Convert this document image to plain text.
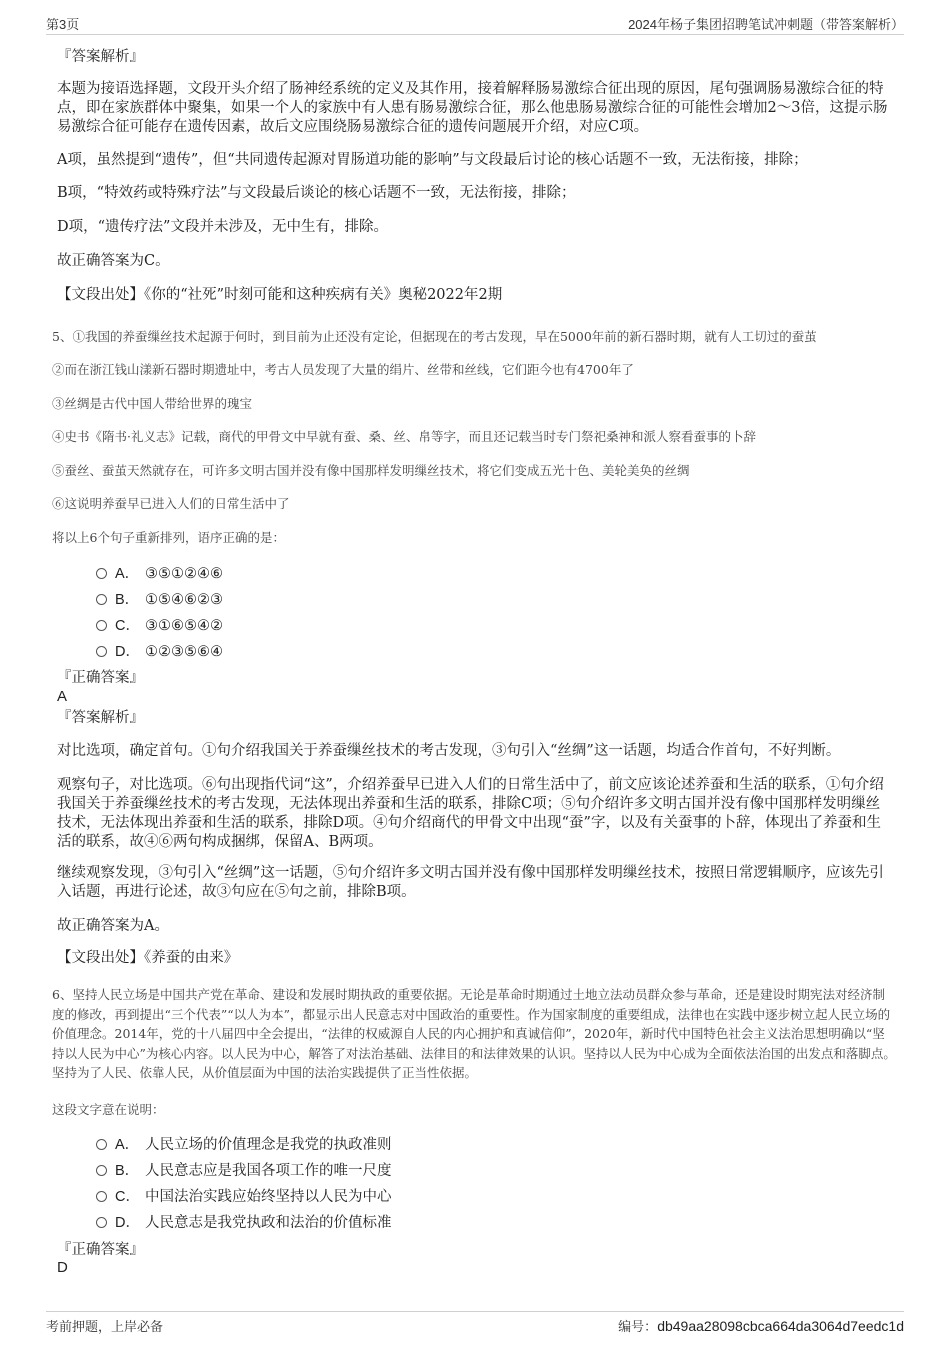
第3页	2024年杨子集团招聘笔试冲刺题（带答案解析）

『答案解析』

本题为接语选择题，文段开头介绍了肠神经系统的定义及其作用，接着解释肠易激综合征出现的原因，尾句强调肠易激综合征的特点，即在家族群体中聚集，如果一个人的家族中有人患有肠易激综合征，那么他患肠易激综合征的可能性会增加2～3倍，这提示肠易激综合征可能存在遗传因素，故后文应围绕肠易激综合征的遗传问题展开介绍，对应C项。

A项，虽然提到“遗传”，但“共同遗传起源对胃肠道功能的影响”与文段最后讨论的核心话题不一致，无法衔接，排除；

B项，“特效药或特殊疗法”与文段最后谈论的核心话题不一致，无法衔接，排除；

D项，“遗传疗法”文段并未涉及，无中生有，排除。

故正确答案为C。

【文段出处】《你的“社死”时刻可能和这种疾病有关》奥秘2022年2期

5、①我国的养蚕缫丝技术起源于何时，到目前为止还没有定论，但据现在的考古发现，早在5000年前的新石器时期，就有人工切过的蚕茧

②而在浙江钱山漾新石器时期遗址中，考古人员发现了大量的绢片、丝带和丝线，它们距今也有4700年了

③丝绸是古代中国人带给世界的瑰宝

④史书《隋书·礼义志》记载，商代的甲骨文中早就有蚕、桑、丝、帛等字，而且还记载当时专门祭祀桑神和派人察看蚕事的卜辞

⑤蚕丝、蚕茧天然就存在，可许多文明古国并没有像中国那样发明缫丝技术，将它们变成五光十色、美轮美奂的丝绸

⑥这说明养蚕早已进入人们的日常生活中了

将以上6个句子重新排列，语序正确的是：

A． ③⑤①②④⑥
B． ①⑤④⑥②③
C． ③①⑥⑤④②
D． ①②③⑤⑥④

『正确答案』

A

『答案解析』

对比选项，确定首句。①句介绍我国关于养蚕缫丝技术的考古发现，③句引入“丝绸”这一话题，均适合作首句，不好判断。

观察句子，对比选项。⑥句出现指代词“这”，介绍养蚕早已进入人们的日常生活中了，前文应该论述养蚕和生活的联系，①句介绍我国关于养蚕缫丝技术的考古发现，无法体现出养蚕和生活的联系，排除C项；⑤句介绍许多文明古国并没有像中国那样发明缫丝技术，无法体现出养蚕和生活的联系，排除D项。④句介绍商代的甲骨文中出现“蚕”字，以及有关蚕事的卜辞，体现出了养蚕和生活的联系，故④⑥两句构成捆绑，保留A、B两项。

继续观察发现，③句引入“丝绸”这一话题，⑤句介绍许多文明古国并没有像中国那样发明缫丝技术，按照日常逻辑顺序，应该先引入话题，再进行论述，故③句应在⑤句之前，排除B项。

故正确答案为A。

【文段出处】《养蚕的由来》

6、坚持人民立场是中国共产党在革命、建设和发展时期执政的重要依据。无论是革命时期通过土地立法动员群众参与革命，还是建设时期宪法对经济制度的修改，再到提出“三个代表”“以人为本”，都显示出人民意志对中国政治的重要性。作为国家制度的重要组成，法律也在实践中逐步树立起人民立场的价值理念。2014年，党的十八届四中全会提出，“法律的权威源自人民的内心拥护和真诚信仰”，2020年，新时代中国特色社会主义法治思想明确以“坚持以人民为中心”为核心内容。以人民为中心，解答了对法治基础、法律目的和法律效果的认识。坚持以人民为中心成为全面依法治国的出发点和落脚点。坚持为了人民、依靠人民，从价值层面为中国的法治实践提供了正当性依据。

这段文字意在说明：

A． 人民立场的价值理念是我党的执政准则
B． 人民意志应是我国各项工作的唯一尺度
C． 中国法治实践应始终坚持以人民为中心
D． 人民意志是我党执政和法治的价值标准

『正确答案』

D

考前押题，上岸必备	编号：db49aa28098cbca664da3064d7eedc1d
